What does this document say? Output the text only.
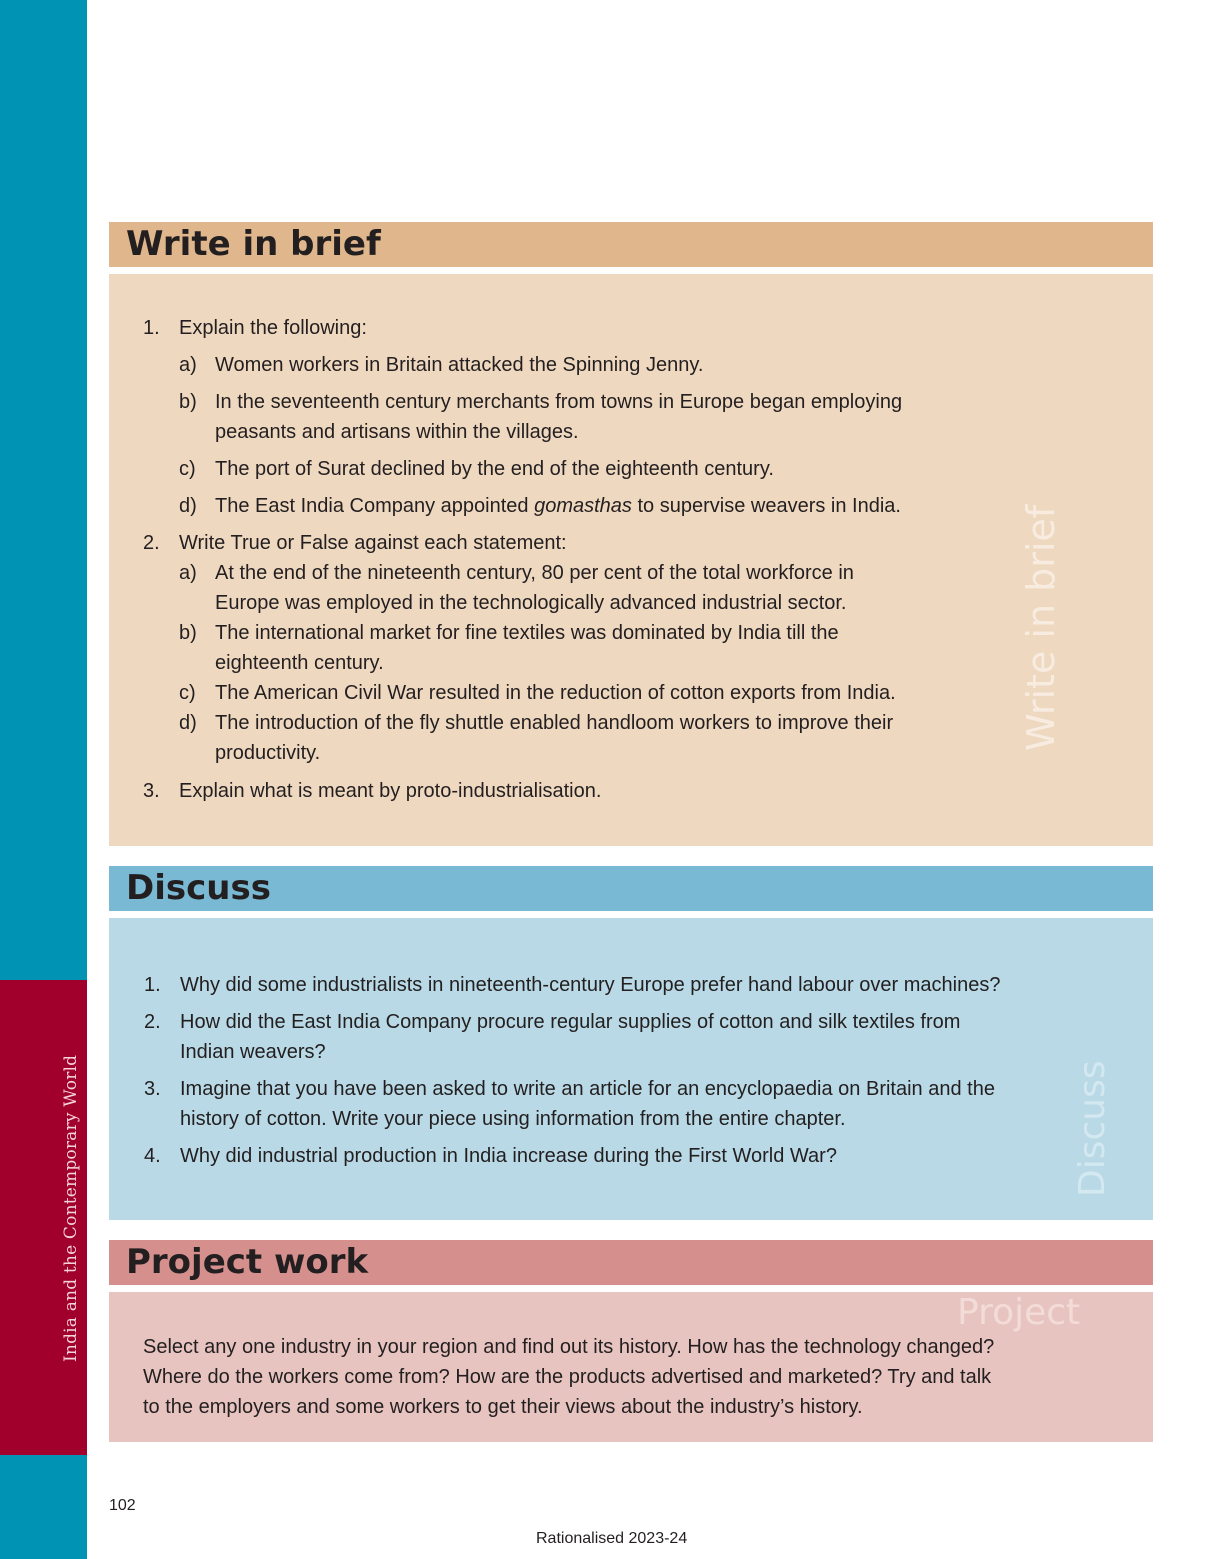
India and the Contemporary World
Write in brief
Write in brief
1. Explain the following:
a) Women workers in Britain attacked the Spinning Jenny.
b) In the seventeenth century merchants from towns in Europe began employing
peasants and artisans within the villages.
c) The port of Surat declined by the end of the eighteenth century.
d) The East India Company appointed gomasthas to supervise weavers in India.
2. Write True or False against each statement:
a) At the end of the nineteenth century, 80 per cent of the total workforce in
Europe was employed in the technologically advanced industrial sector.
b) The international market for fine textiles was dominated by India till the
eighteenth century.
c) The American Civil War resulted in the reduction of cotton exports from India.
d) The introduction of the fly shuttle enabled handloom workers to improve their
productivity.
3. Explain what is meant by proto-industrialisation.
Discuss
Discuss
1. Why did some industrialists in nineteenth-century Europe prefer hand labour over machines?
2. How did the East India Company procure regular supplies of cotton and silk textiles from
Indian weavers?
3. Imagine that you have been asked to write an article for an encyclopaedia on Britain and the
history of cotton. Write your piece using information from the entire chapter.
4. Why did industrial production in India increase during the First World War?
Project work
Project
Select any one industry in your region and find out its history. How has the technology changed?
Where do the workers come from? How are the products advertised and marketed? Try and talk
to the employers and some workers to get their views about the industry’s history.
102
Rationalised 2023-24
